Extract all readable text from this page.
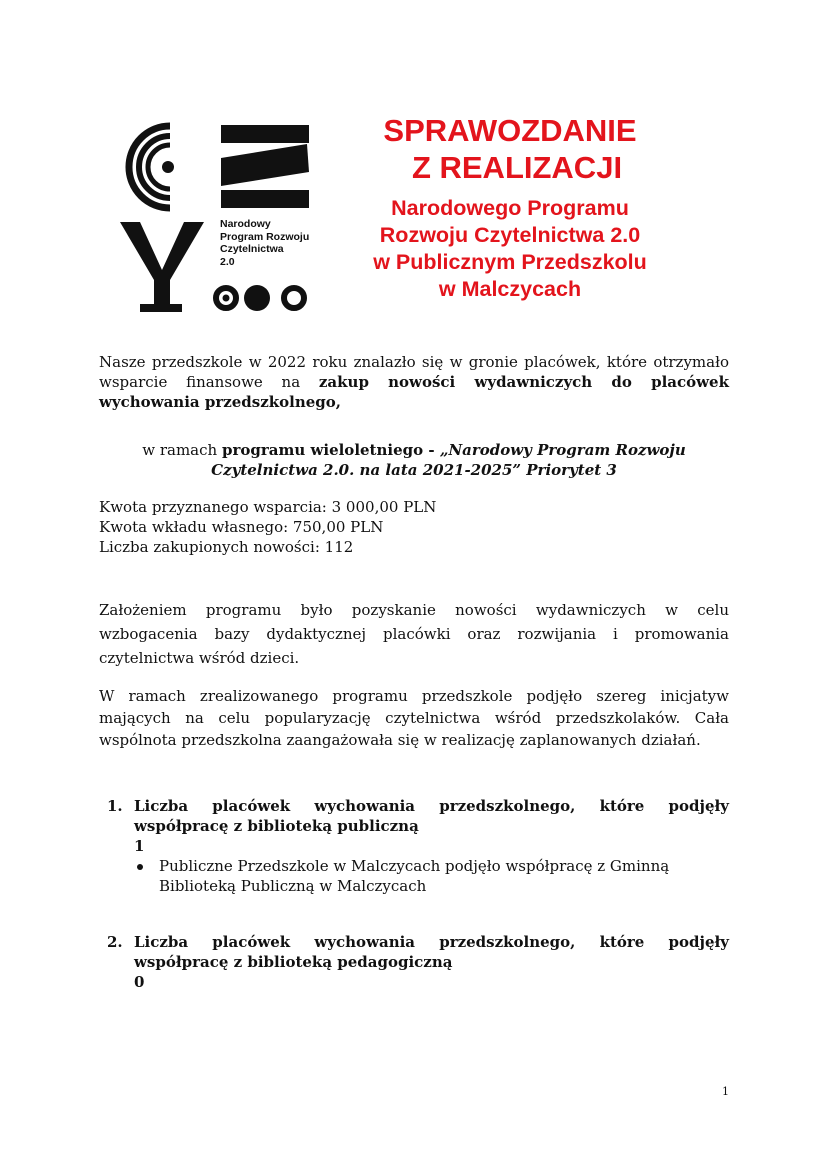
Narodowy
Program Rozwoju
Czytelnictwa
2.0
SPRAWOZDANIE
Z REALIZACJI
Narodowego Programu
Rozwoju Czytelnictwa 2.0
w Publicznym Przedszkolu
w Malczycach
Nasze przedszkole w 2022 roku znalazło się w gronie placówek, które otrzymało wsparcie finansowe na zakup nowości wydawniczych do placówek wychowania przedszkolnego,
w ramach programu wieloletniego - „Narodowy Program Rozwoju Czytelnictwa 2.0. na lata 2021-2025” Priorytet 3
Kwota przyznanego wsparcia: 3 000,00 PLN
Kwota wkładu własnego: 750,00 PLN
Liczba zakupionych nowości: 112
Założeniem programu było pozyskanie nowości wydawniczych w celu wzbogacenia bazy dydaktycznej placówki oraz rozwijania i promowania czytelnictwa wśród dzieci.
W ramach zrealizowanego programu przedszkole podjęło szereg inicjatyw mających na celu popularyzację czytelnictwa wśród przedszkolaków. Cała wspólnota przedszkolna zaangażowała się w realizację zaplanowanych działań.
1. Liczba placówek wychowania przedszkolnego, które podjęły współpracę z biblioteką publiczną
1
Publiczne Przedszkole w Malczycach podjęło współpracę z Gminną Biblioteką Publiczną w Malczycach
2. Liczba placówek wychowania przedszkolnego, które podjęły współpracę z biblioteką pedagogiczną
0
1
